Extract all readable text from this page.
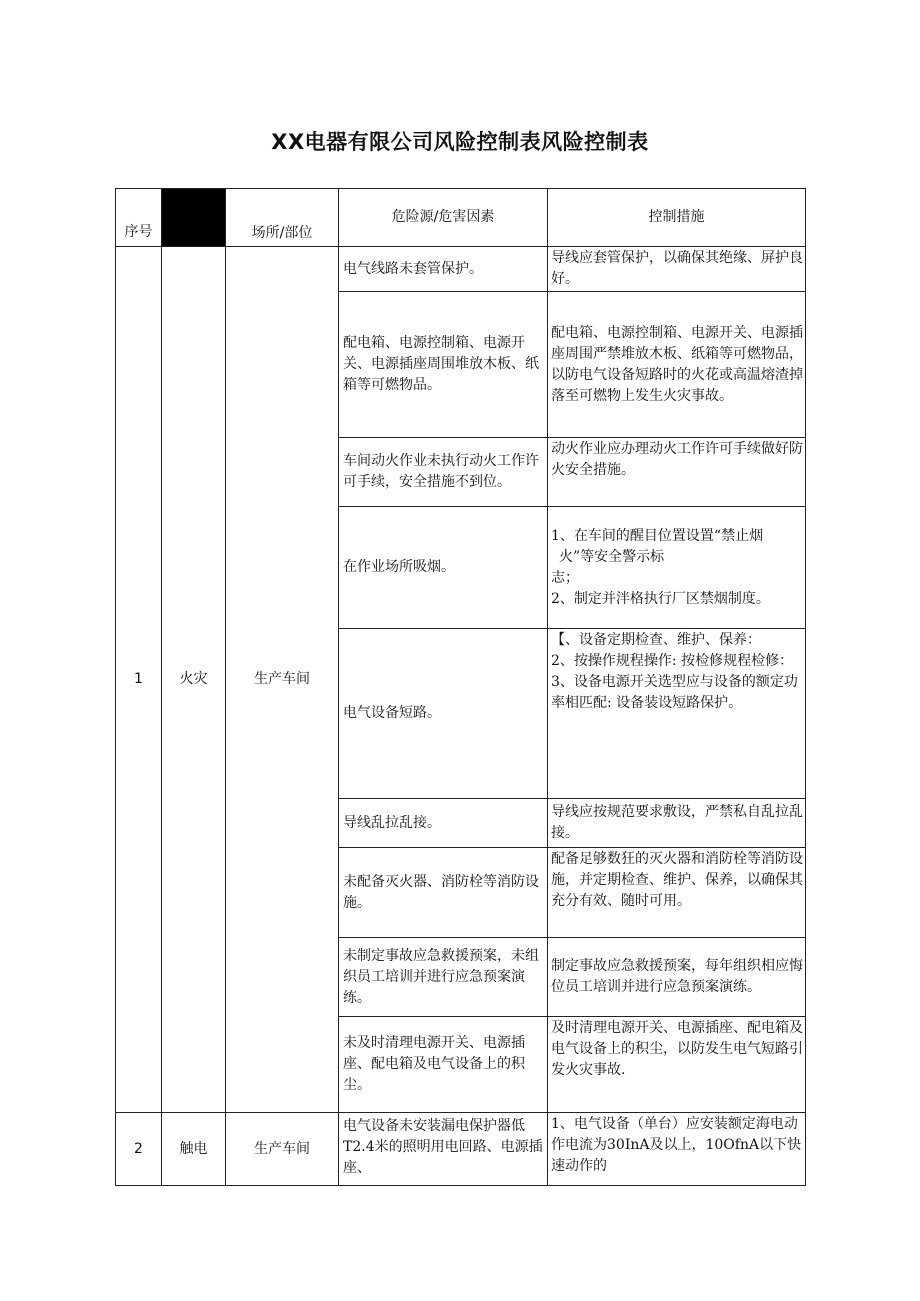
XX电器有限公司风险控制表风险控制表
序号		场所/部位	危险源/危害因素	控制措施
1	火灾	生产车间	电气线路未套管保护。	导线应套管保护，以确保其绝缘、屏护良好。

			配电箱、电源控制箱、电源开关、电源插座周围堆放木板、纸箱等可燃物品。	配电箱、电源控制箱、电源开关、电源插座周围严禁堆放木板、纸箱等可燃物品，以防电气设备短路时的火花或高温熔渣掉落至可燃物上发生火灾事故。

			车间动火作业未执行动火工作许可手续，安全措施不到位。	动火作业应办理动火工作许可手续做好防火安全措施。

			在作业场所吸烟。	1、在车间的醒目位置设置“禁止烟
火”等安全警示标
志；
2、制定并泮格执行厂区禁烟制度。

			电气设备短路。	【、设备定期检查、维护、保养：
2、按操作规程操作: 按检修规程检修：
3、设备电源开关选型应与设备的额定功率相匹配: 设备装设短路保护。

			导线乱拉乱接。	导线应按规范要求敷设，严禁私自乱拉乱接。

			未配备灭火器、消防栓等消防设施。	配备足够数狂的灭火器和消防栓等消防设施，并定期检查、维护、保养，以确保其充分有效、随时可用。

			未制定事故应急救援预案，未组织员工培训并进行应急预案演练。	制定事故应急救援预案，每年组织相应悔位员工培训并进行应急预案演练。

			未及时清理电源开关、电源插座、配电箱及电气设备上的积尘。	及时清理电源开关、电源插座、配电箱及电气设备上的积尘，以防发生电气短路引发火灾事故.

2	触电	生产车间	电气设备未安装漏电保护器低T2.4米的照明用电回路、电源插座、	1、电气设备（单台）应安装额定海电动作电流为30InA及以上，10OfnA以下快速动作的
